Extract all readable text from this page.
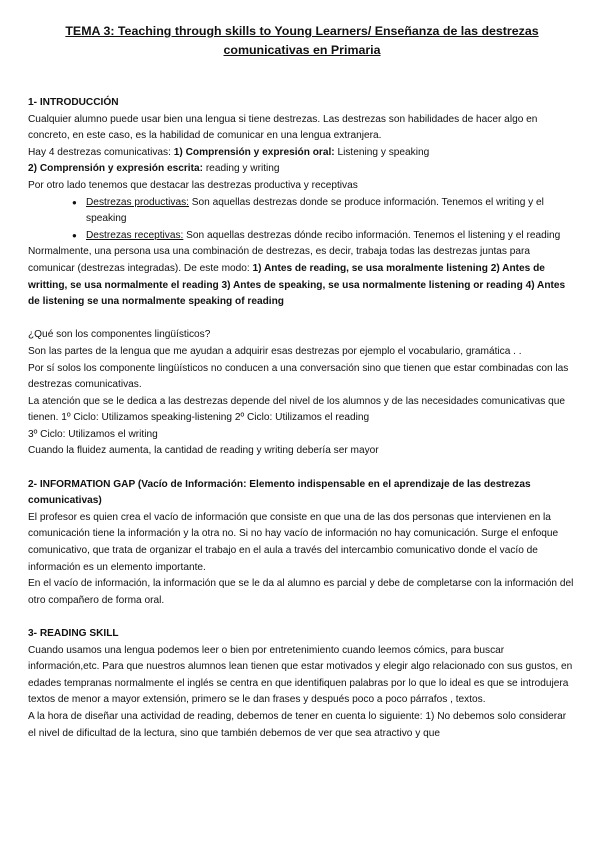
TEMA 3: Teaching through skills to Young Learners/ Enseñanza de las destrezas
comunicativas en Primaria

1- INTRODUCCIÓN

Cualquier alumno puede usar bien una lengua si tiene destrezas. Las destrezas son habilidades de hacer algo en concreto, en este caso, es la habilidad de comunicar en una lengua extranjera.

Hay 4 destrezas comunicativas: 1) Comprensión y expresión oral: Listening y speaking

2) Comprensión y expresión escrita: reading y writing

Por otro lado tenemos que destacar las destrezas productiva y receptivas

● Destrezas productivas: Son aquellas destrezas donde se produce información. Tenemos el writing y el speaking
● Destrezas receptivas: Son aquellas destrezas dónde recibo información. Tenemos el listening y el reading

Normalmente, una persona usa una combinación de destrezas, es decir, trabaja todas las destrezas juntas para comunicar (destrezas integradas). De este modo: 1) Antes de reading, se usa moralmente listening 2) Antes de writting, se usa normalmente el reading 3) Antes de speaking, se usa normalmente listening or reading 4) Antes de listening se una normalmente speaking of reading

¿Qué son los componentes lingüísticos?

Son las partes de la lengua que me ayudan a adquirir esas destrezas por ejemplo el vocabulario, gramática . .

Por sí solos los componente lingüísticos no conducen a una conversación sino que tienen que estar combinadas con las destrezas comunicativas.

La atención que se le dedica a las destrezas depende del nivel de los alumnos y de las necesidades comunicativas que tienen. 1º Ciclo: Utilizamos speaking-listening 2º Ciclo: Utilizamos el reading

3º Ciclo: Utilizamos el writing

Cuando la fluidez aumenta, la cantidad de reading y writing debería ser mayor

2- INFORMATION GAP (Vacío de Información: Elemento indispensable en el aprendizaje de las destrezas comunicativas)

El profesor es quien crea el vacío de información que consiste en que una de las dos personas que intervienen en la comunicación tiene la información y la otra no. Si no hay vacío de información no hay comunicación. Surge el enfoque comunicativo, que trata de organizar el trabajo en el aula a través del intercambio comunicativo donde el vacío de información es un elemento importante.

En el vacío de información, la información que se le da al alumno es parcial y debe de completarse con la información del otro compañero de forma oral.

3- READING SKILL

Cuando usamos una lengua podemos leer o bien por entretenimiento cuando leemos cómics, para buscar información,etc. Para que nuestros alumnos lean tienen que estar motivados y elegir algo relacionado con sus gustos, en edades tempranas normalmente el inglés se centra en que identifiquen palabras por lo que lo ideal es que se introdujera textos de menor a mayor extensión, primero se le dan frases y después poco a poco párrafos , textos.

A la hora de diseñar una actividad de reading, debemos de tener en cuenta lo siguiente: 1) No debemos solo considerar el nivel de dificultad de la lectura, sino que también debemos de ver que sea atractivo y que
